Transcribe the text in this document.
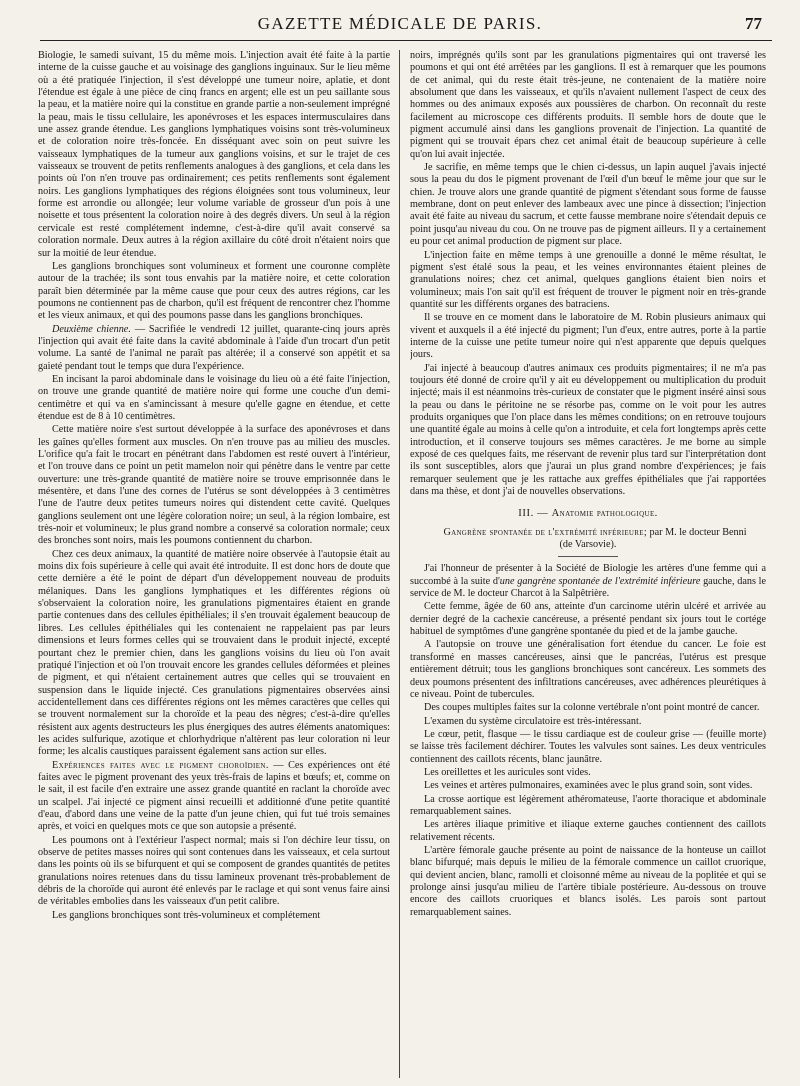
GAZETTE MÉDICALE DE PARIS.	77

Biologie, le samedi suivant, 15 du même mois. L'injection avait été faite à la partie interne de la cuisse gauche et au voisinage des ganglions inguinaux. Sur le lieu même où a été pratiquée l'injection, il s'est développé une tumeur noire, aplatie, et dont l'étendue est égale à une pièce de cinq francs en argent; elle est un peu saillante sous la peau, et la matière noire qui la constitue en grande partie a non-seulement imprégné la peau, mais le tissu cellulaire, les aponévroses et les espaces intermusculaires dans une assez grande étendue. Les ganglions lymphatiques voisins sont très-volumineux et de coloration noire très-foncée. En disséquant avec soin on peut suivre les vaisseaux lymphatiques de la tumeur aux ganglions voisins, et sur le trajet de ces vaisseaux se trouvent de petits renflements analogues à des ganglions, et cela dans les points où l'on n'en trouve pas ordinairement; ces petits renflements sont également noirs. Les ganglions lymphatiques des régions éloignées sont tous volumineux, leur forme est arrondie ou allongée; leur volume variable de grosseur d'un pois à une noisette et tous présentent la coloration noire à des degrés divers. Un seul à la région cervicale est resté complétement indemne, c'est-à-dire qu'il avait conservé sa coloration normale. Deux autres à la région axillaire du côté droit n'étaient noirs que sur la moitié de leur étendue.

Les ganglions bronchiques sont volumineux et forment une couronne complète autour de la trachée; ils sont tous envahis par la matière noire, et cette coloration paraît bien déterminée par la même cause que pour ceux des autres régions, car les poumons ne contiennent pas de charbon, qu'il est fréquent de rencontrer chez l'homme et les vieux animaux, et qui des poumons passe dans les ganglions bronchiques.

Deuxième chienne. — Sacrifiée le vendredi 12 juillet, quarante-cinq jours après l'injection qui avait été faite dans la cavité abdominale à l'aide d'un trocart d'un petit volume. La santé de l'animal ne paraît pas altérée; il a conservé son appétit et sa gaieté pendant tout le temps que dura l'expérience.

En incisant la paroi abdominale dans le voisinage du lieu où a été faite l'injection, on trouve une grande quantité de matière noire qui forme une couche d'un demi-centimètre et qui va en s'amincissant à mesure qu'elle gagne en étendue, et cette étendue est de 8 à 10 centimètres.

Cette matière noire s'est surtout développée à la surface des aponévroses et dans les gaînes qu'elles forment aux muscles. On n'en trouve pas au milieu des muscles. L'orifice qu'a fait le trocart en pénétrant dans l'abdomen est resté ouvert à l'intérieur, et l'on trouve dans ce point un petit mamelon noir qui pénètre dans le ventre par cette ouverture: une très-grande quantité de matière noire se trouve emprisonnée dans le mésentère, et dans l'une des cornes de l'utérus se sont développées à 3 centimètres l'une de l'autre deux petites tumeurs noires qui distendent cette cavité. Quelques ganglions seulement ont une légère coloration noire; un seul, à la région lombaire, est très-noir et volumineux; le plus grand nombre a conservé sa coloration normale; ceux des bronches sont noirs, mais les poumons contiennent du charbon.

Chez ces deux animaux, la quantité de matière noire observée à l'autopsie était au moins dix fois supérieure à celle qui avait été introduite. Il est donc hors de doute que cette dernière a été le point de départ d'un développement nouveau de produits mélaniques. Dans les ganglions lymphatiques et les différentes régions où s'observaient la coloration noire, les granulations pigmentaires étaient en grande partie contenues dans des cellules épithéliales; il s'en trouvait également beaucoup de libres. Les cellules épithéliales qui les contenaient ne rappelaient pas par leurs dimensions et leurs formes celles qui se trouvaient dans le produit injecté, excepté pourtant chez le premier chien, dans les ganglions voisins du lieu où l'on avait pratiqué l'injection et où l'on trouvait encore les grandes cellules déformées et pleines de pigment, et qui n'étaient certainement autres que celles qui se trouvaient en suspension dans le liquide injecté. Ces granulations pigmentaires observées ainsi accidentellement dans ces différentes régions ont les mêmes caractères que celles qui se trouvent normalement sur la choroïde et la peau des nègres; c'est-à-dire qu'elles résistent aux agents destructeurs les plus énergiques des autres éléments anatomiques: les acides sulfurique, azotique et chlorhydrique n'altèrent pas leur coloration ni leur forme; les alcalis caustiques paraissent également sans action sur elles.

Expériences faites avec le pigment choroïdien. — Ces expériences ont été faites avec le pigment provenant des yeux très-frais de lapins et bœufs; et, comme on le sait, il est facile d'en extraire une assez grande quantité en raclant la choroïde avec un scalpel. J'ai injecté ce pigment ainsi recueilli et additionné d'une petite quantité d'eau, d'abord dans une veine de la patte d'un jeune chien, qui fut tué trois semaines après, et voici en quelques mots ce que son autopsie a présenté.

Les poumons ont à l'extérieur l'aspect normal; mais si l'on déchire leur tissu, on observe de petites masses noires qui sont contenues dans les vaisseaux, et cela surtout dans les points où ils se bifurquent et qui se composent de grandes quantités de petites granulations noires retenues dans du tissu lamineux provenant très-probablement de débris de la choroïde qui auront été enlevés par le raclage et qui sont venus faire ainsi de véritables embolies dans les vaisseaux d'un petit calibre.

Les ganglions bronchiques sont très-volumineux et complétement

noirs, imprégnés qu'ils sont par les granulations pigmentaires qui ont traversé les poumons et qui ont été arrêtées par les ganglions. Il est à remarquer que les poumons de cet animal, qui du reste était très-jeune, ne contenaient de la matière noire absolument que dans les vaisseaux, et qu'ils n'avaient nullement l'aspect de ceux des hommes ou des animaux exposés aux poussières de charbon. On reconnaît du reste facilement au microscope ces différents produits. Il semble hors de doute que le pigment accumulé ainsi dans les ganglions provenait de l'injection. La quantité de pigment qui se trouvait épars chez cet animal était de beaucoup supérieure à celle qu'on lui avait injectée.

Je sacrifie, en même temps que le chien ci-dessus, un lapin auquel j'avais injecté sous la peau du dos le pigment provenant de l'œil d'un bœuf le même jour que sur le chien. Je trouve alors une grande quantité de pigment s'étendant sous forme de fausse membrane, dont on peut enlever des lambeaux avec une pince à dissection; l'injection avait été faite au niveau du sacrum, et cette fausse membrane noire s'étendait depuis ce point jusqu'au niveau du cou. On ne trouve pas de pigment ailleurs. Il y a certainement eu pour cet animal production de pigment sur place.

L'injection faite en même temps à une grenouille a donné le même résultat, le pigment s'est étalé sous la peau, et les veines environnantes étaient pleines de granulations noires; chez cet animal, quelques ganglions étaient bien noirs et volumineux; mais l'on sait qu'il est fréquent de trouver le pigment noir en très-grande quantité sur les différents organes des batraciens.

Il se trouve en ce moment dans le laboratoire de M. Robin plusieurs animaux qui vivent et auxquels il a été injecté du pigment; l'un d'eux, entre autres, porte à la partie interne de la cuisse une petite tumeur noire qui n'est apparente que depuis quelques jours.

J'ai injecté à beaucoup d'autres animaux ces produits pigmentaires; il ne m'a pas toujours été donné de croire qu'il y ait eu développement ou multiplication du produit injecté; mais il est néanmoins très-curieux de constater que le pigment inséré ainsi sous la peau ou dans le péritoine ne se résorbe pas, comme on le voit pour les autres produits organiques que l'on place dans les mêmes conditions; on en retrouve toujours une quantité égale au moins à celle qu'on a introduite, et cela fort longtemps après cette introduction, et il conserve toujours ses mêmes caractères. Je me borne au simple exposé de ces quelques faits, me réservant de revenir plus tard sur l'interprétation dont ils sont susceptibles, alors que j'aurai un plus grand nombre d'expériences; je fais remarquer seulement que je les rattache aux greffes épithéliales que j'ai rapportées dans ma thèse, et dont j'ai de nouvelles observations.

III. — Anatomie pathologique.

Gangrène spontanée de l'extrémité inférieure; par M. le docteur Benni
(de Varsovie).

J'ai l'honneur de présenter à la Société de Biologie les artères d'une femme qui a succombé à la suite d'une gangrène spontanée de l'extrémité inférieure gauche, dans le service de M. le docteur Charcot à la Salpêtrière.

Cette femme, âgée de 60 ans, atteinte d'un carcinome utérin ulcéré et arrivée au dernier degré de la cachexie cancéreuse, a présenté pendant six jours tout le cortége habituel de symptômes d'une gangrène spontanée du pied et de la jambe gauche.

A l'autopsie on trouve une généralisation fort étendue du cancer. Le foie est transformé en masses cancéreuses, ainsi que le pancréas, l'utérus est presque entièrement détruit; tous les ganglions bronchiques sont cancéreux. Les sommets des deux poumons présentent des infiltrations cancéreuses, avec adhérences pleurétiques à ce niveau. Point de tubercules.

Des coupes multiples faites sur la colonne vertébrale n'ont point montré de cancer.

L'examen du système circulatoire est très-intéressant.

Le cœur, petit, flasque — le tissu cardiaque est de couleur grise — (feuille morte) se laisse très facilement déchirer. Toutes les valvules sont saines. Les deux ventricules contiennent des caillots récents, blanc jaunâtre.

Les oreillettes et les auricules sont vides.

Les veines et artères pulmonaires, examinées avec le plus grand soin, sont vides.

La crosse aortique est légèrement athéromateuse, l'aorte thoracique et abdominale remarquablement saines.

Les artères iliaque primitive et iliaque externe gauches contiennent des caillots relativement récents.

L'artère fémorale gauche présente au point de naissance de la honteuse un caillot blanc bifurqué; mais depuis le milieu de la fémorale commence un caillot cruorique, qui devient ancien, blanc, ramolli et cloisonné même au niveau de la poplitée et qui se prolonge ainsi jusqu'au milieu de l'artère tibiale postérieure. Au-dessous on trouve encore des caillots cruoriques et blancs isolés. Les parois sont partout remarquablement saines.
